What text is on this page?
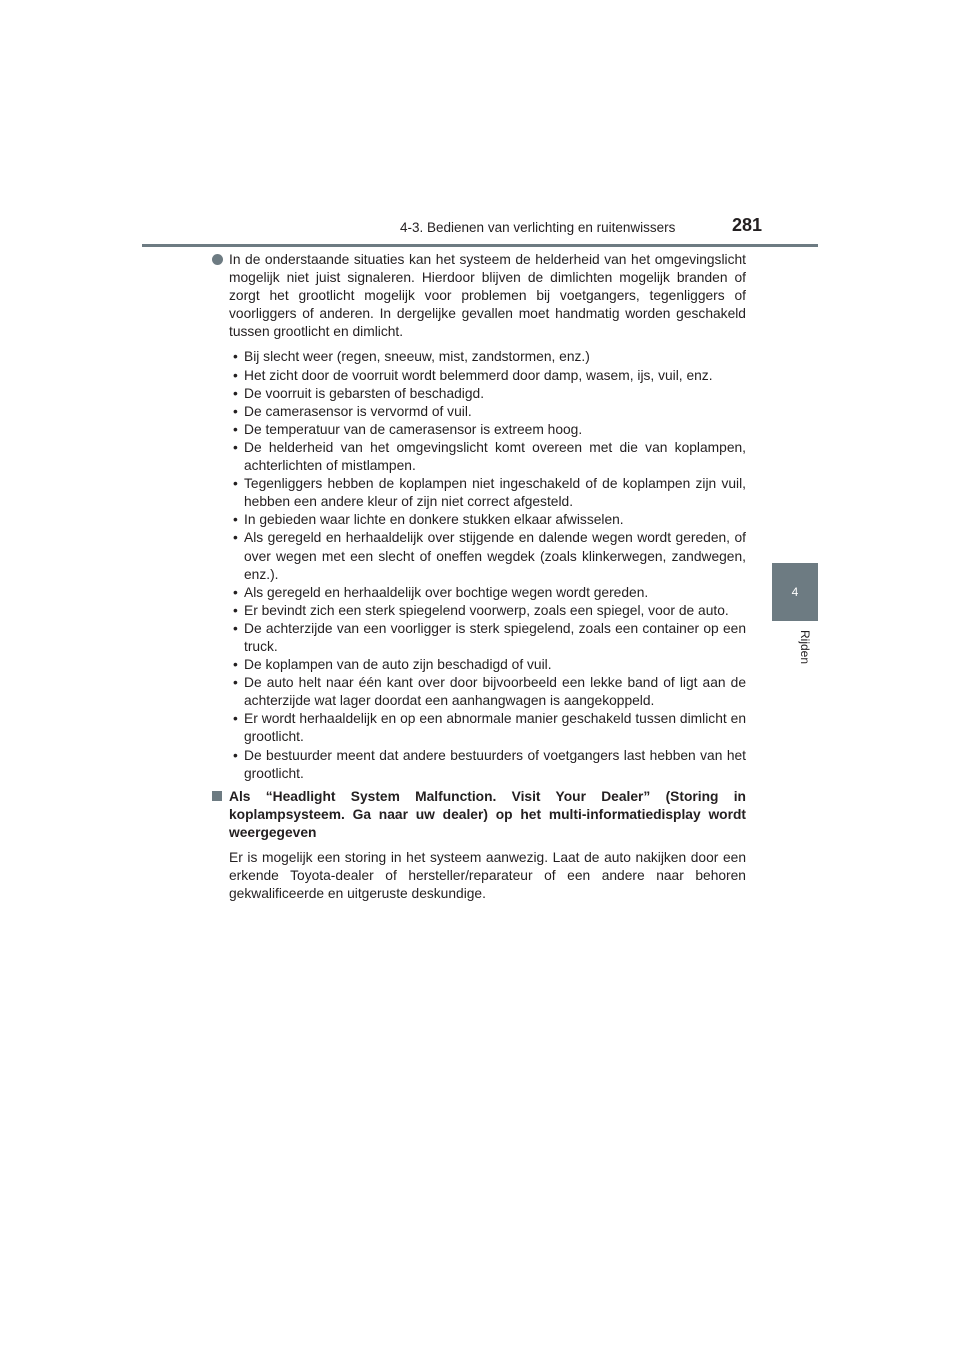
4-3. Bedienen van verlichting en ruitenwissers	281
4
Rijden
In de onderstaande situaties kan het systeem de helderheid van het omgevingslicht mogelijk niet juist signaleren. Hierdoor blijven de dimlichten mogelijk branden of zorgt het grootlicht mogelijk voor problemen bij voetgangers, tegenliggers of voorliggers of anderen. In dergelijke gevallen moet handmatig worden geschakeld tussen grootlicht en dimlicht.
• Bij slecht weer (regen, sneeuw, mist, zandstormen, enz.)
• Het zicht door de voorruit wordt belemmerd door damp, wasem, ijs, vuil, enz.
• De voorruit is gebarsten of beschadigd.
• De camerasensor is vervormd of vuil.
• De temperatuur van de camerasensor is extreem hoog.
• De helderheid van het omgevingslicht komt overeen met die van koplampen, achterlichten of mistlampen.
• Tegenliggers hebben de koplampen niet ingeschakeld of de koplampen zijn vuil, hebben een andere kleur of zijn niet correct afgesteld.
• In gebieden waar lichte en donkere stukken elkaar afwisselen.
• Als geregeld en herhaaldelijk over stijgende en dalende wegen wordt gereden, of over wegen met een slecht of oneffen wegdek (zoals klinkerwegen, zandwegen, enz.).
• Als geregeld en herhaaldelijk over bochtige wegen wordt gereden.
• Er bevindt zich een sterk spiegelend voorwerp, zoals een spiegel, voor de auto.
• De achterzijde van een voorligger is sterk spiegelend, zoals een container op een truck.
• De koplampen van de auto zijn beschadigd of vuil.
• De auto helt naar één kant over door bijvoorbeeld een lekke band of ligt aan de achterzijde wat lager doordat een aanhangwagen is aangekoppeld.
• Er wordt herhaaldelijk en op een abnormale manier geschakeld tussen dimlicht en grootlicht.
• De bestuurder meent dat andere bestuurders of voetgangers last hebben van het grootlicht.
Als “Headlight System Malfunction. Visit Your Dealer” (Storing in koplampsysteem. Ga naar uw dealer) op het multi-informatiedisplay wordt weergegeven
Er is mogelijk een storing in het systeem aanwezig. Laat de auto nakijken door een erkende Toyota-dealer of hersteller/reparateur of een andere naar behoren gekwalificeerde en uitgeruste deskundige.
